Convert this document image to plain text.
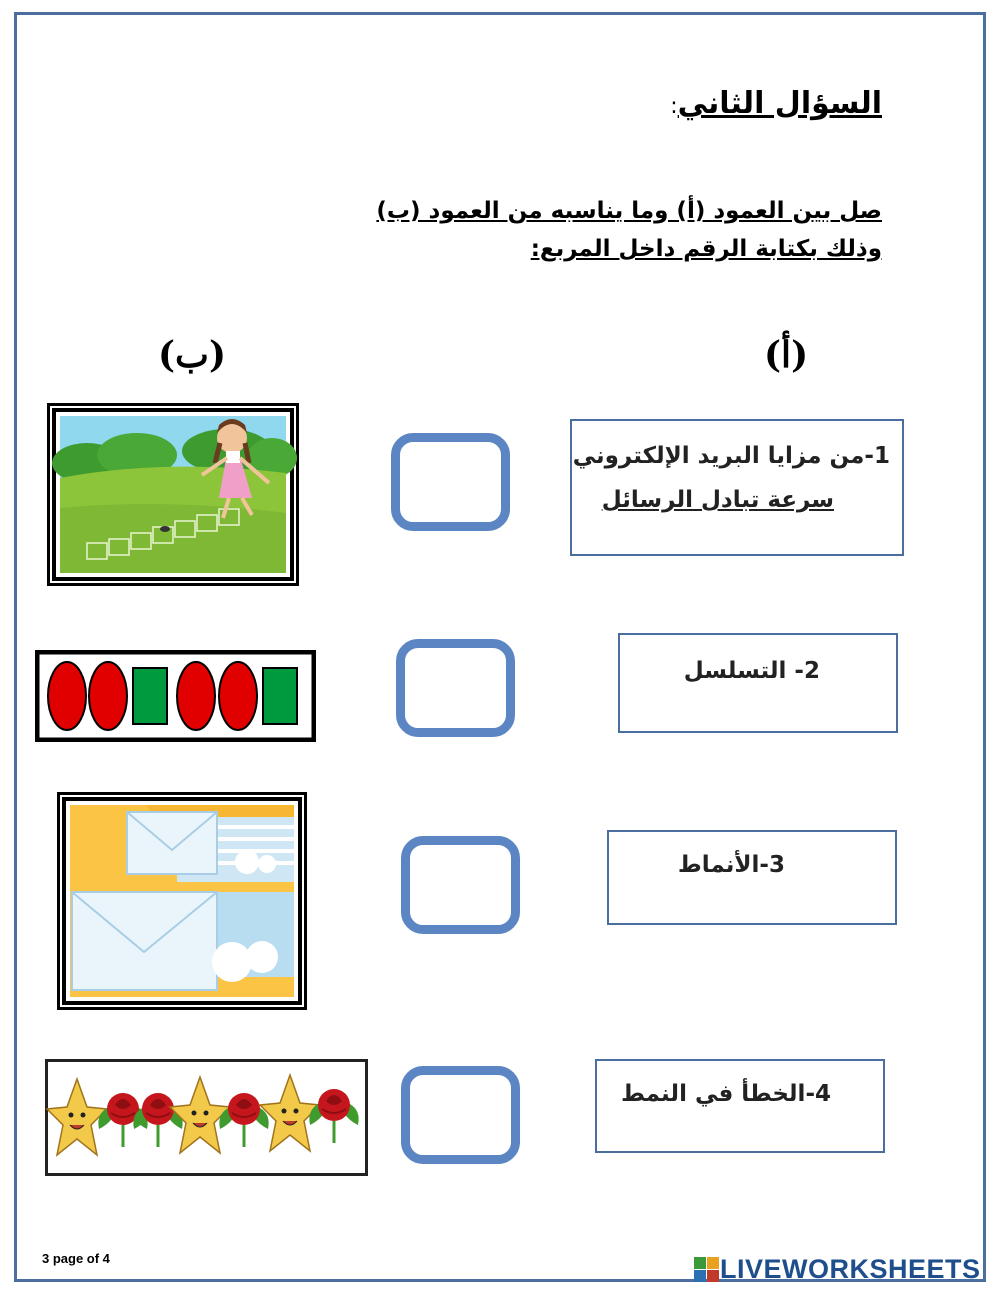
السؤال الثاني:
صل بين العمود (أ) وما يناسبه من العمود (ب)
وذلك بكتابة الرقم داخل المربع:
(ب)	(أ)
1-من مزايا البريد الإلكتروني
سرعة تبادل الرسائل
2- التسلسل
3-الأنماط
4-الخطأ في النمط
3 page of 4	LIVEWORKSHEETS
